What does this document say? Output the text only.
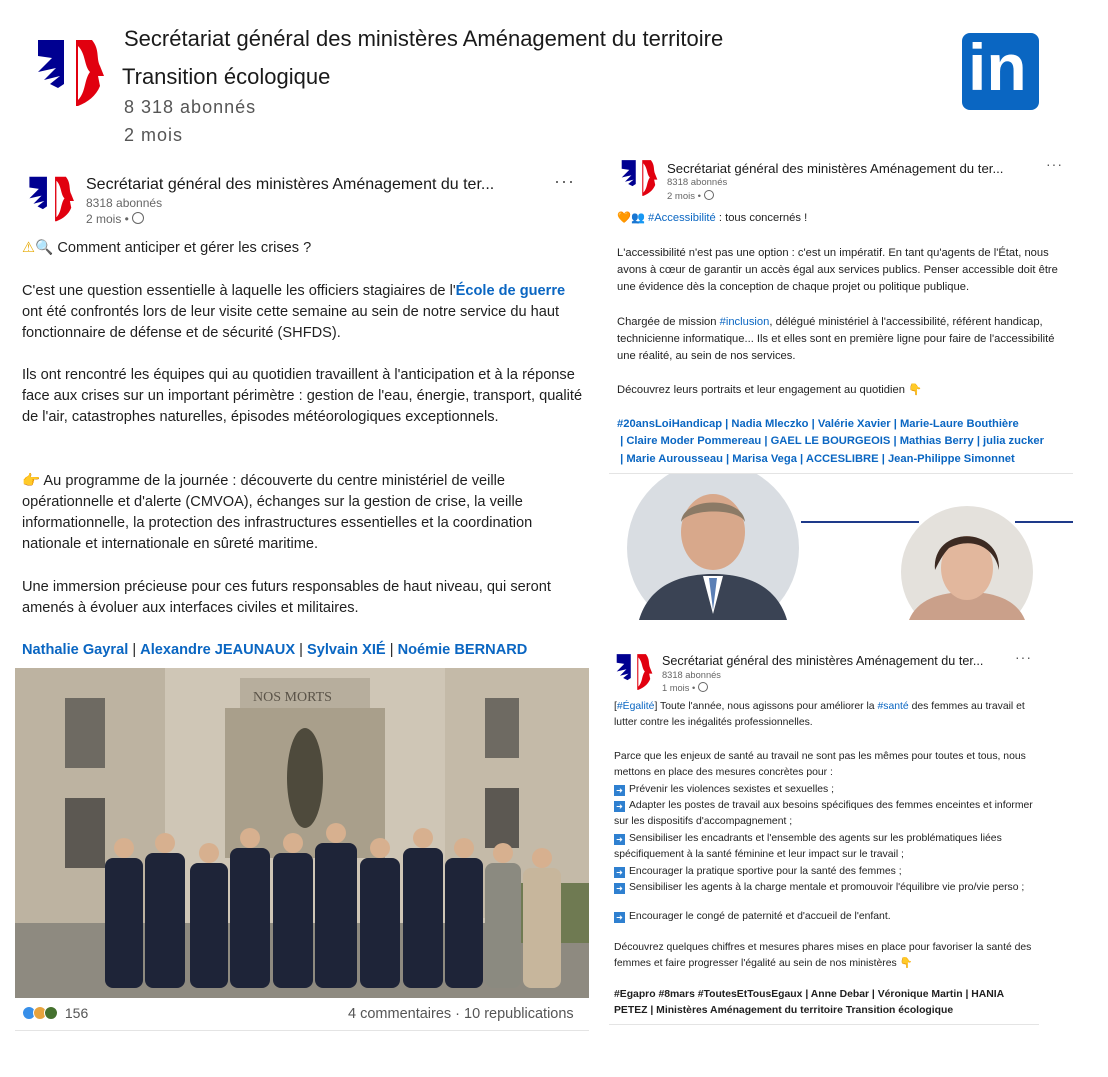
Secrétariat général des ministères Aménagement du territoire
Transition écologique
8 318 abonnés
2 mois
in
Secrétariat général des ministères Aménagement du ter...
8318 abonnés
2 mois •
···
⚠🔍 Comment anticiper et gérer les crises ?
C'est une question essentielle à laquelle les officiers stagiaires de l'École de guerre ont été confrontés lors de leur visite cette semaine au sein de notre service du haut fonctionnaire de défense et de sécurité (SHFDS).
Ils ont rencontré les équipes qui au quotidien travaillent à l'anticipation et à la réponse face aux crises sur un important périmètre : gestion de l'eau, énergie, transport, qualité de l'air, catastrophes naturelles, épisodes météorologiques exceptionnels.
👉 Au programme de la journée : découverte du centre ministériel de veille opérationnelle et d'alerte (CMVOA), échanges sur la gestion de crise, la veille informationnelle, la protection des infrastructures essentielles et la coordination nationale et internationale en sûreté maritime.
Une immersion précieuse pour ces futurs responsables de haut niveau, qui seront amenés à évoluer aux interfaces civiles et militaires.
Nathalie Gayral | Alexandre JEAUNAUX | Sylvain XIÉ | Noémie BERNARD
NOS MORTS
156	4 commentaires · 10 republications
Secrétariat général des ministères Aménagement du ter...
8318 abonnés
2 mois •
···
🧡👥 #Accessibilité : tous concernés !
L'accessibilité n'est pas une option : c'est un impératif. En tant qu'agents de l'État, nous avons à cœur de garantir un accès égal aux services publics. Penser accessible doit être une évidence dès la conception de chaque projet ou politique publique.
Chargée de mission #inclusion, délégué ministériel à l'accessibilité, référent handicap, technicienne informatique... Ils et elles sont en première ligne pour faire de l'accessibilité une réalité, au sein de nos services.
Découvrez leurs portraits et leur engagement au quotidien 👇
#20ansLoiHandicap | Nadia Mleczko | Valérie Xavier | Marie-Laure Bouthière
| Claire Moder Pommereau | GAEL LE BOURGEOIS | Mathias Berry | julia zucker
| Marie Aurousseau | Marisa Vega | ACCESLIBRE | Jean-Philippe Simonnet
Secrétariat général des ministères Aménagement du ter...
8318 abonnés
1 mois •
···
[#Égalité] Toute l'année, nous agissons pour améliorer la #santé des femmes au travail et lutter contre les inégalités professionnelles.
Parce que les enjeux de santé au travail ne sont pas les mêmes pour toutes et tous, nous mettons en place des mesures concrètes pour :
➜ Prévenir les violences sexistes et sexuelles ;
➜ Adapter les postes de travail aux besoins spécifiques des femmes enceintes et informer sur les dispositifs d'accompagnement ;
➜ Sensibiliser les encadrants et l'ensemble des agents sur les problématiques liées spécifiquement à la santé féminine et leur impact sur le travail ;
➜ Encourager la pratique sportive pour la santé des femmes ;
➜ Sensibiliser les agents à la charge mentale et promouvoir l'équilibre vie pro/vie perso ;
➜ Encourager le congé de paternité et d'accueil de l'enfant.
Découvrez quelques chiffres et mesures phares mises en place pour favoriser la santé des femmes et faire progresser l'égalité au sein de nos ministères 👇
#Egapro #8mars #ToutesEtTousEgaux | Anne Debar | Véronique Martin | HANIA
PETEZ | Ministères Aménagement du territoire Transition écologique
